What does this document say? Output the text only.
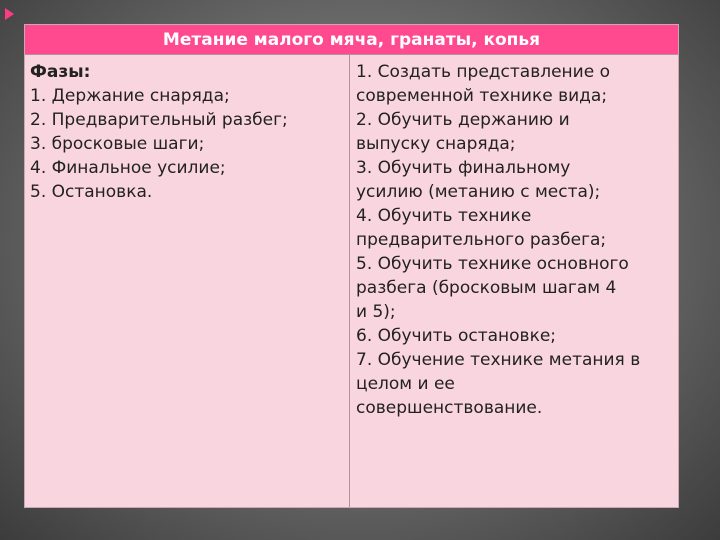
Метание малого мяча, гранаты, копья
Фазы:
1. Держание снаряда;
2. Предварительный разбег;
3. бросковые шаги;
4. Финальное усилие;
5. Остановка.
1. Создать представление о
современной технике вида;
2. Обучить держанию и
выпуску снаряда;
3. Обучить финальному
усилию (метанию с места);
4. Обучить технике
предварительного разбега;
5. Обучить технике основного
разбега (бросковым шагам 4
и 5);
6. Обучить остановке;
7. Обучение технике метания в
целом и ее
совершенствование.
